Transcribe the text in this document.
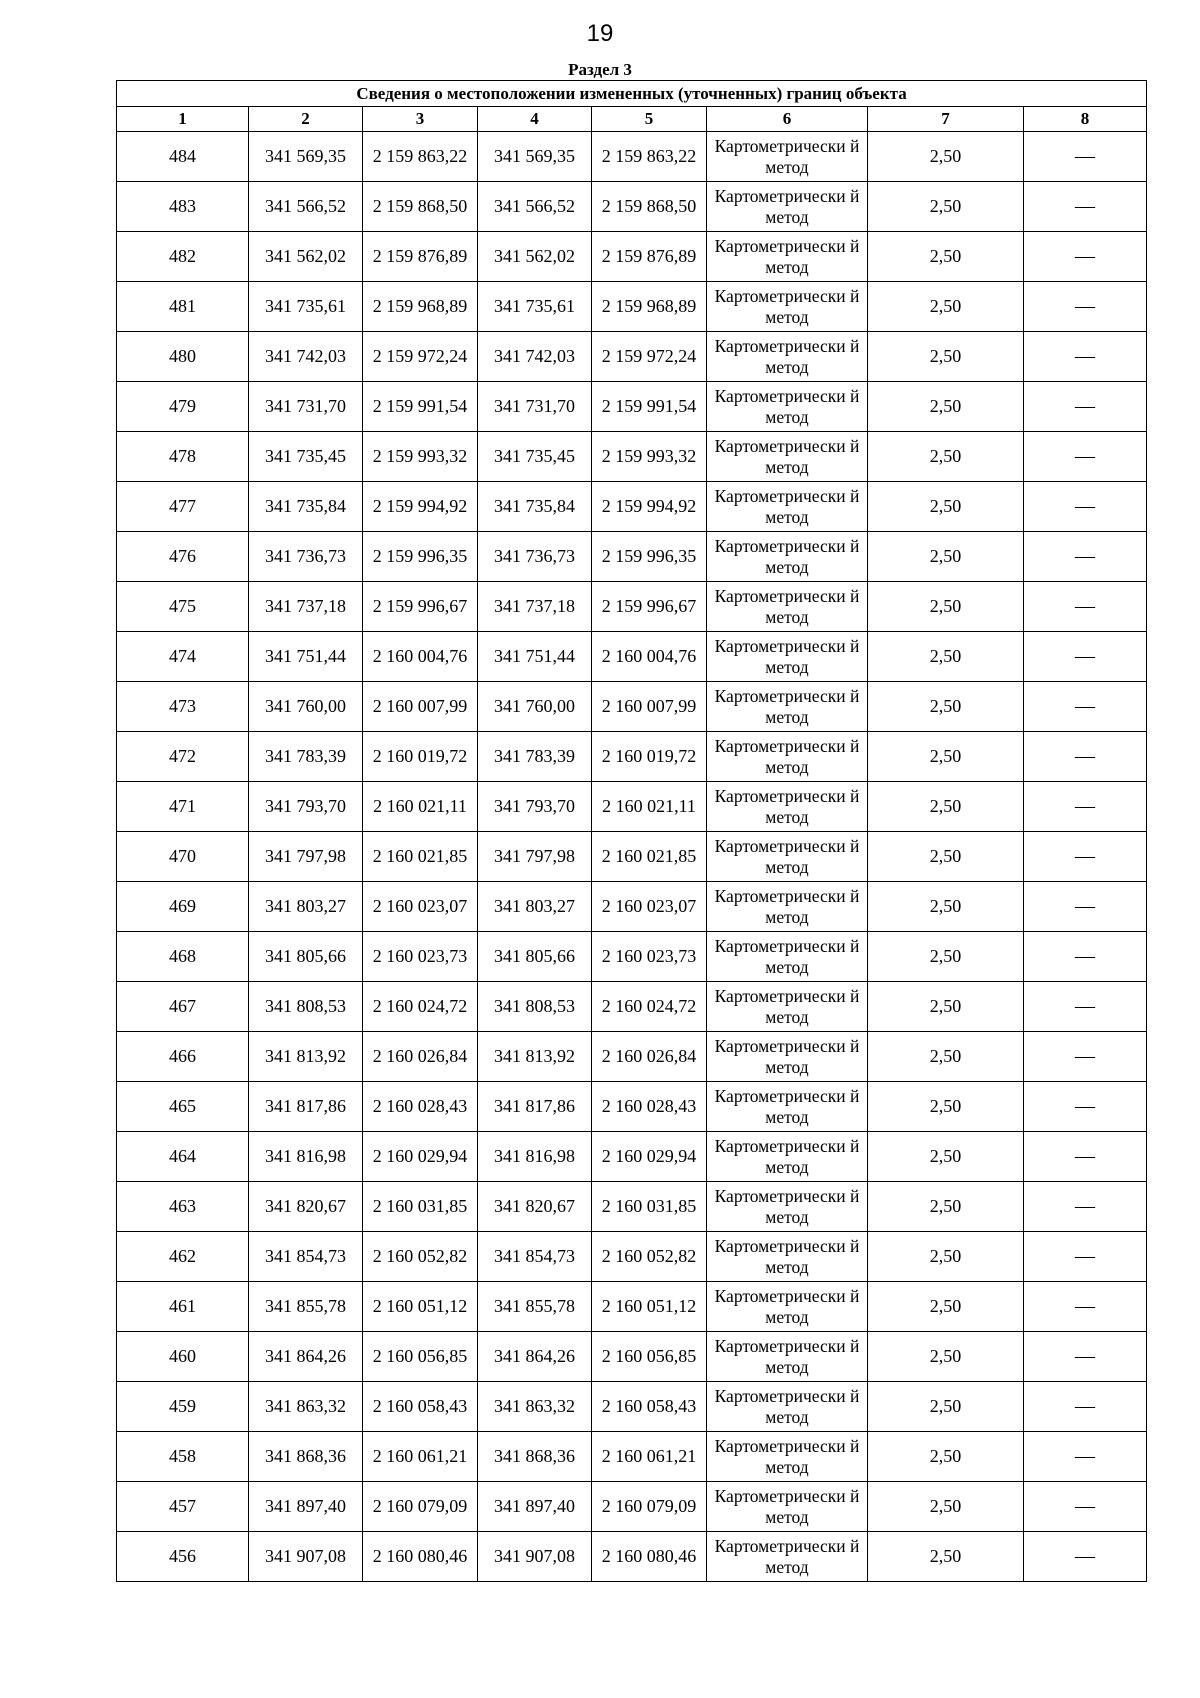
19
Раздел 3
Сведения о местоположении измененных (уточненных) границ объекта							
1	2	3	4	5	6	7	8
484	341 569,35	2 159 863,22	341 569,35	2 159 863,22	Картометрически й метод	2,50	—
483	341 566,52	2 159 868,50	341 566,52	2 159 868,50	Картометрически й метод	2,50	—
482	341 562,02	2 159 876,89	341 562,02	2 159 876,89	Картометрически й метод	2,50	—
481	341 735,61	2 159 968,89	341 735,61	2 159 968,89	Картометрически й метод	2,50	—
480	341 742,03	2 159 972,24	341 742,03	2 159 972,24	Картометрически й метод	2,50	—
479	341 731,70	2 159 991,54	341 731,70	2 159 991,54	Картометрически й метод	2,50	—
478	341 735,45	2 159 993,32	341 735,45	2 159 993,32	Картометрически й метод	2,50	—
477	341 735,84	2 159 994,92	341 735,84	2 159 994,92	Картометрически й метод	2,50	—
476	341 736,73	2 159 996,35	341 736,73	2 159 996,35	Картометрически й метод	2,50	—
475	341 737,18	2 159 996,67	341 737,18	2 159 996,67	Картометрически й метод	2,50	—
474	341 751,44	2 160 004,76	341 751,44	2 160 004,76	Картометрически й метод	2,50	—
473	341 760,00	2 160 007,99	341 760,00	2 160 007,99	Картометрически й метод	2,50	—
472	341 783,39	2 160 019,72	341 783,39	2 160 019,72	Картометрически й метод	2,50	—
471	341 793,70	2 160 021,11	341 793,70	2 160 021,11	Картометрически й метод	2,50	—
470	341 797,98	2 160 021,85	341 797,98	2 160 021,85	Картометрически й метод	2,50	—
469	341 803,27	2 160 023,07	341 803,27	2 160 023,07	Картометрически й метод	2,50	—
468	341 805,66	2 160 023,73	341 805,66	2 160 023,73	Картометрически й метод	2,50	—
467	341 808,53	2 160 024,72	341 808,53	2 160 024,72	Картометрически й метод	2,50	—
466	341 813,92	2 160 026,84	341 813,92	2 160 026,84	Картометрически й метод	2,50	—
465	341 817,86	2 160 028,43	341 817,86	2 160 028,43	Картометрически й метод	2,50	—
464	341 816,98	2 160 029,94	341 816,98	2 160 029,94	Картометрически й метод	2,50	—
463	341 820,67	2 160 031,85	341 820,67	2 160 031,85	Картометрически й метод	2,50	—
462	341 854,73	2 160 052,82	341 854,73	2 160 052,82	Картометрически й метод	2,50	—
461	341 855,78	2 160 051,12	341 855,78	2 160 051,12	Картометрически й метод	2,50	—
460	341 864,26	2 160 056,85	341 864,26	2 160 056,85	Картометрически й метод	2,50	—
459	341 863,32	2 160 058,43	341 863,32	2 160 058,43	Картометрически й метод	2,50	—
458	341 868,36	2 160 061,21	341 868,36	2 160 061,21	Картометрически й метод	2,50	—
457	341 897,40	2 160 079,09	341 897,40	2 160 079,09	Картометрически й метод	2,50	—
456	341 907,08	2 160 080,46	341 907,08	2 160 080,46	Картометрически й метод	2,50	—
